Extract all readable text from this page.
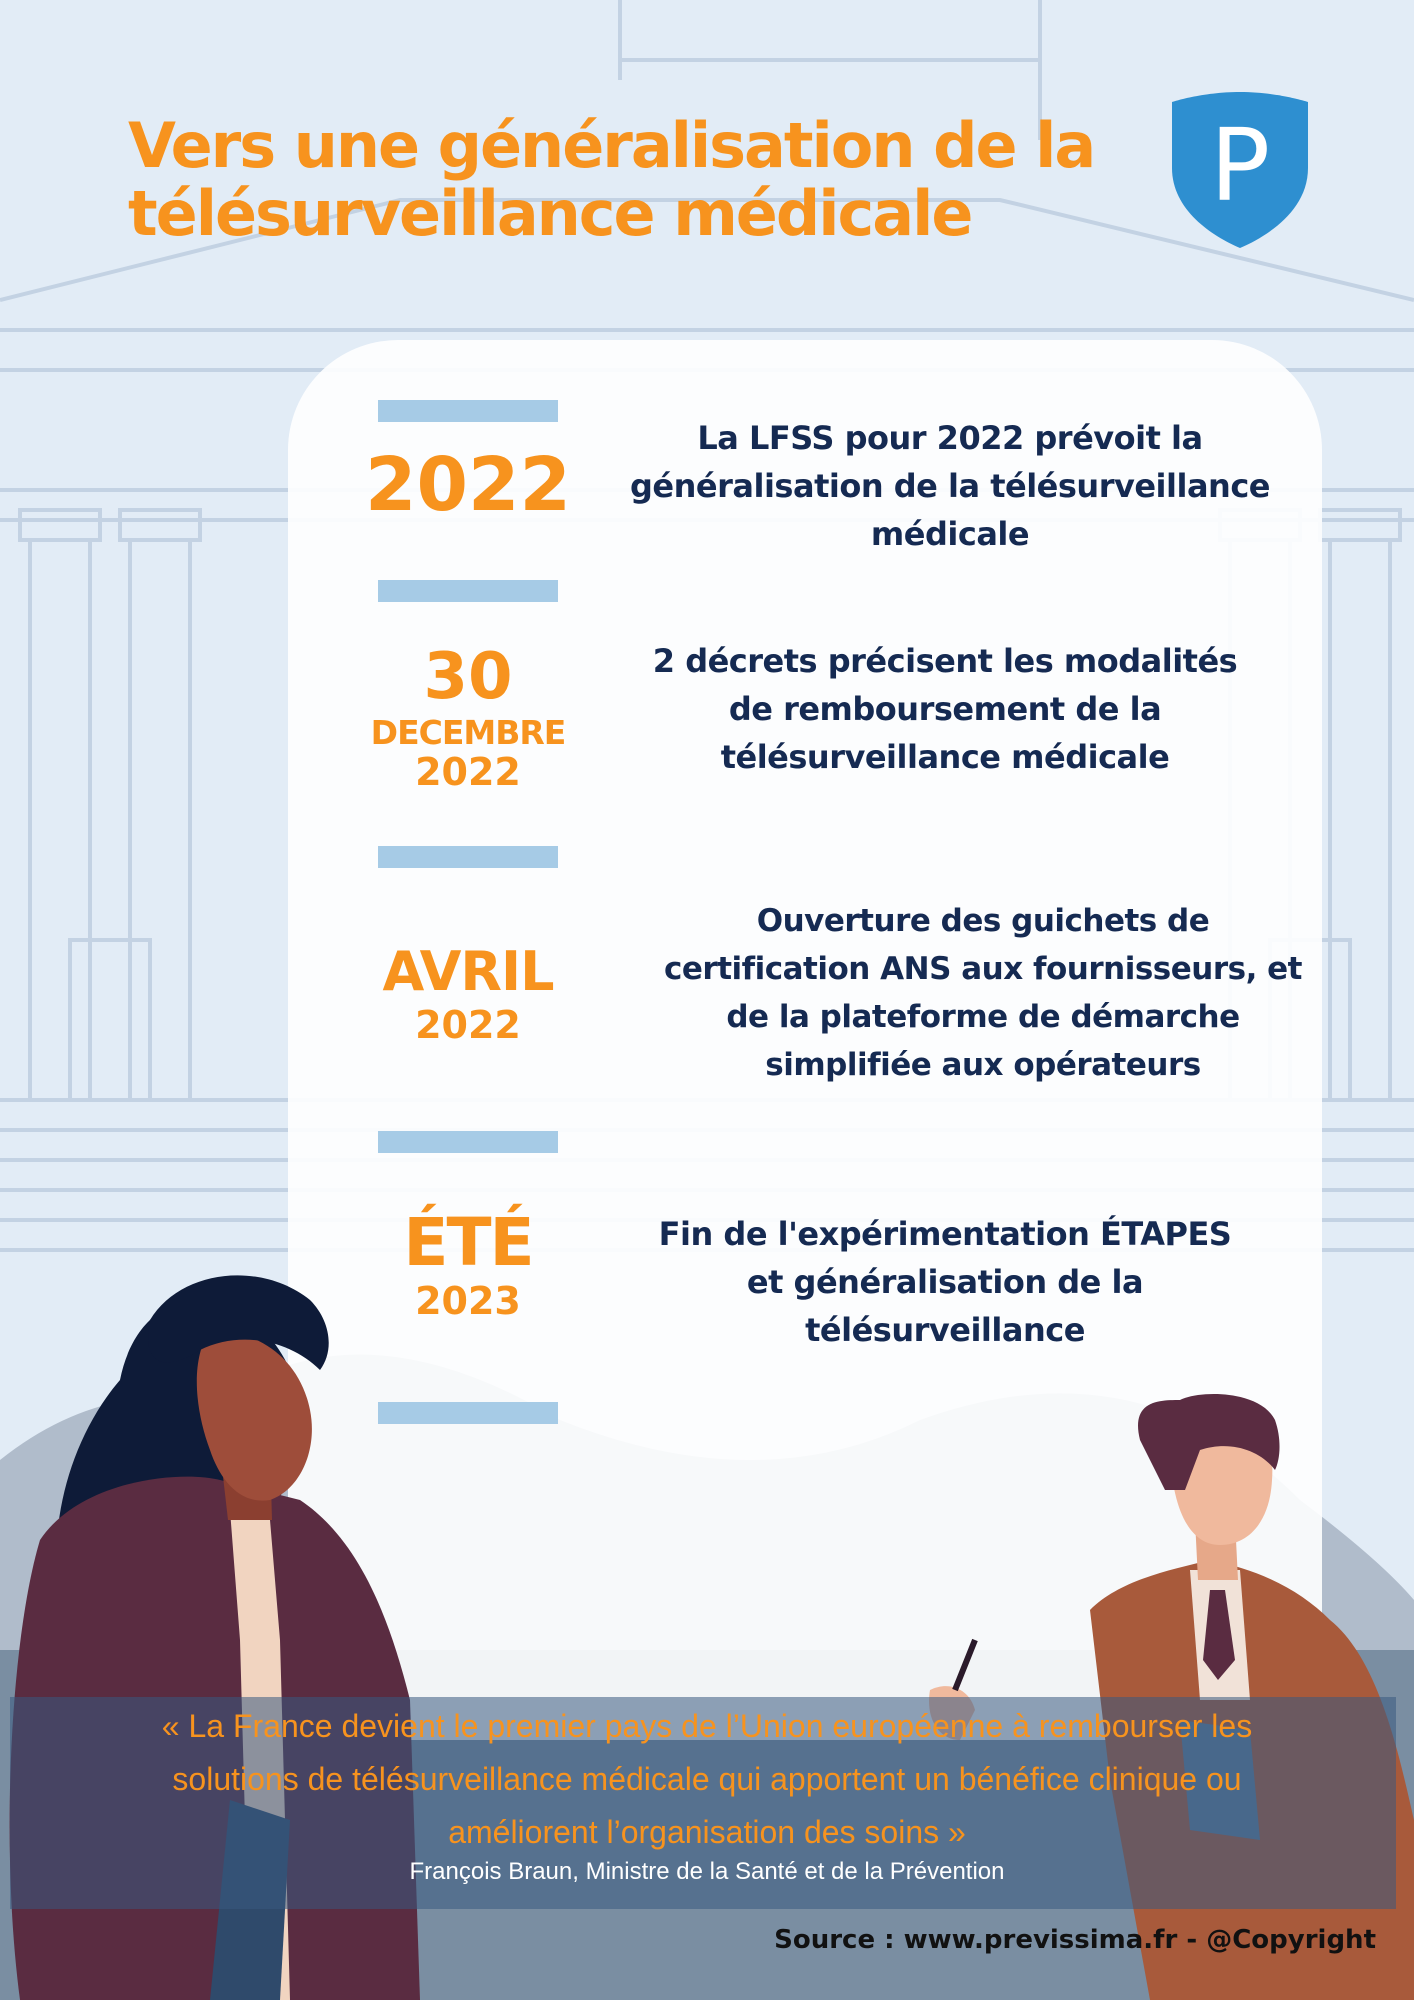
Vers une généralisation de la
télésurveillance médicale	P
2022

La LFSS pour 2022 prévoit la
généralisation de la télésurveillance
médicale

30
DECEMBRE
2022

2 décrets précisent les modalités
de remboursement de la
télésurveillance médicale

AVRIL
2022

Ouverture des guichets de
certification ANS aux fournisseurs, et
de la plateforme de démarche
simplifiée aux opérateurs

ÉTÉ
2023

Fin de l'expérimentation ÉTAPES
et généralisation de la
télésurveillance

« La France devient le premier pays de l’Union européenne à rembourser les
solutions de télésurveillance médicale qui apportent un bénéfice clinique ou
améliorent l’organisation des soins »

François Braun, Ministre de la Santé et de la Prévention

Source : www.previssima.fr - @Copyright
